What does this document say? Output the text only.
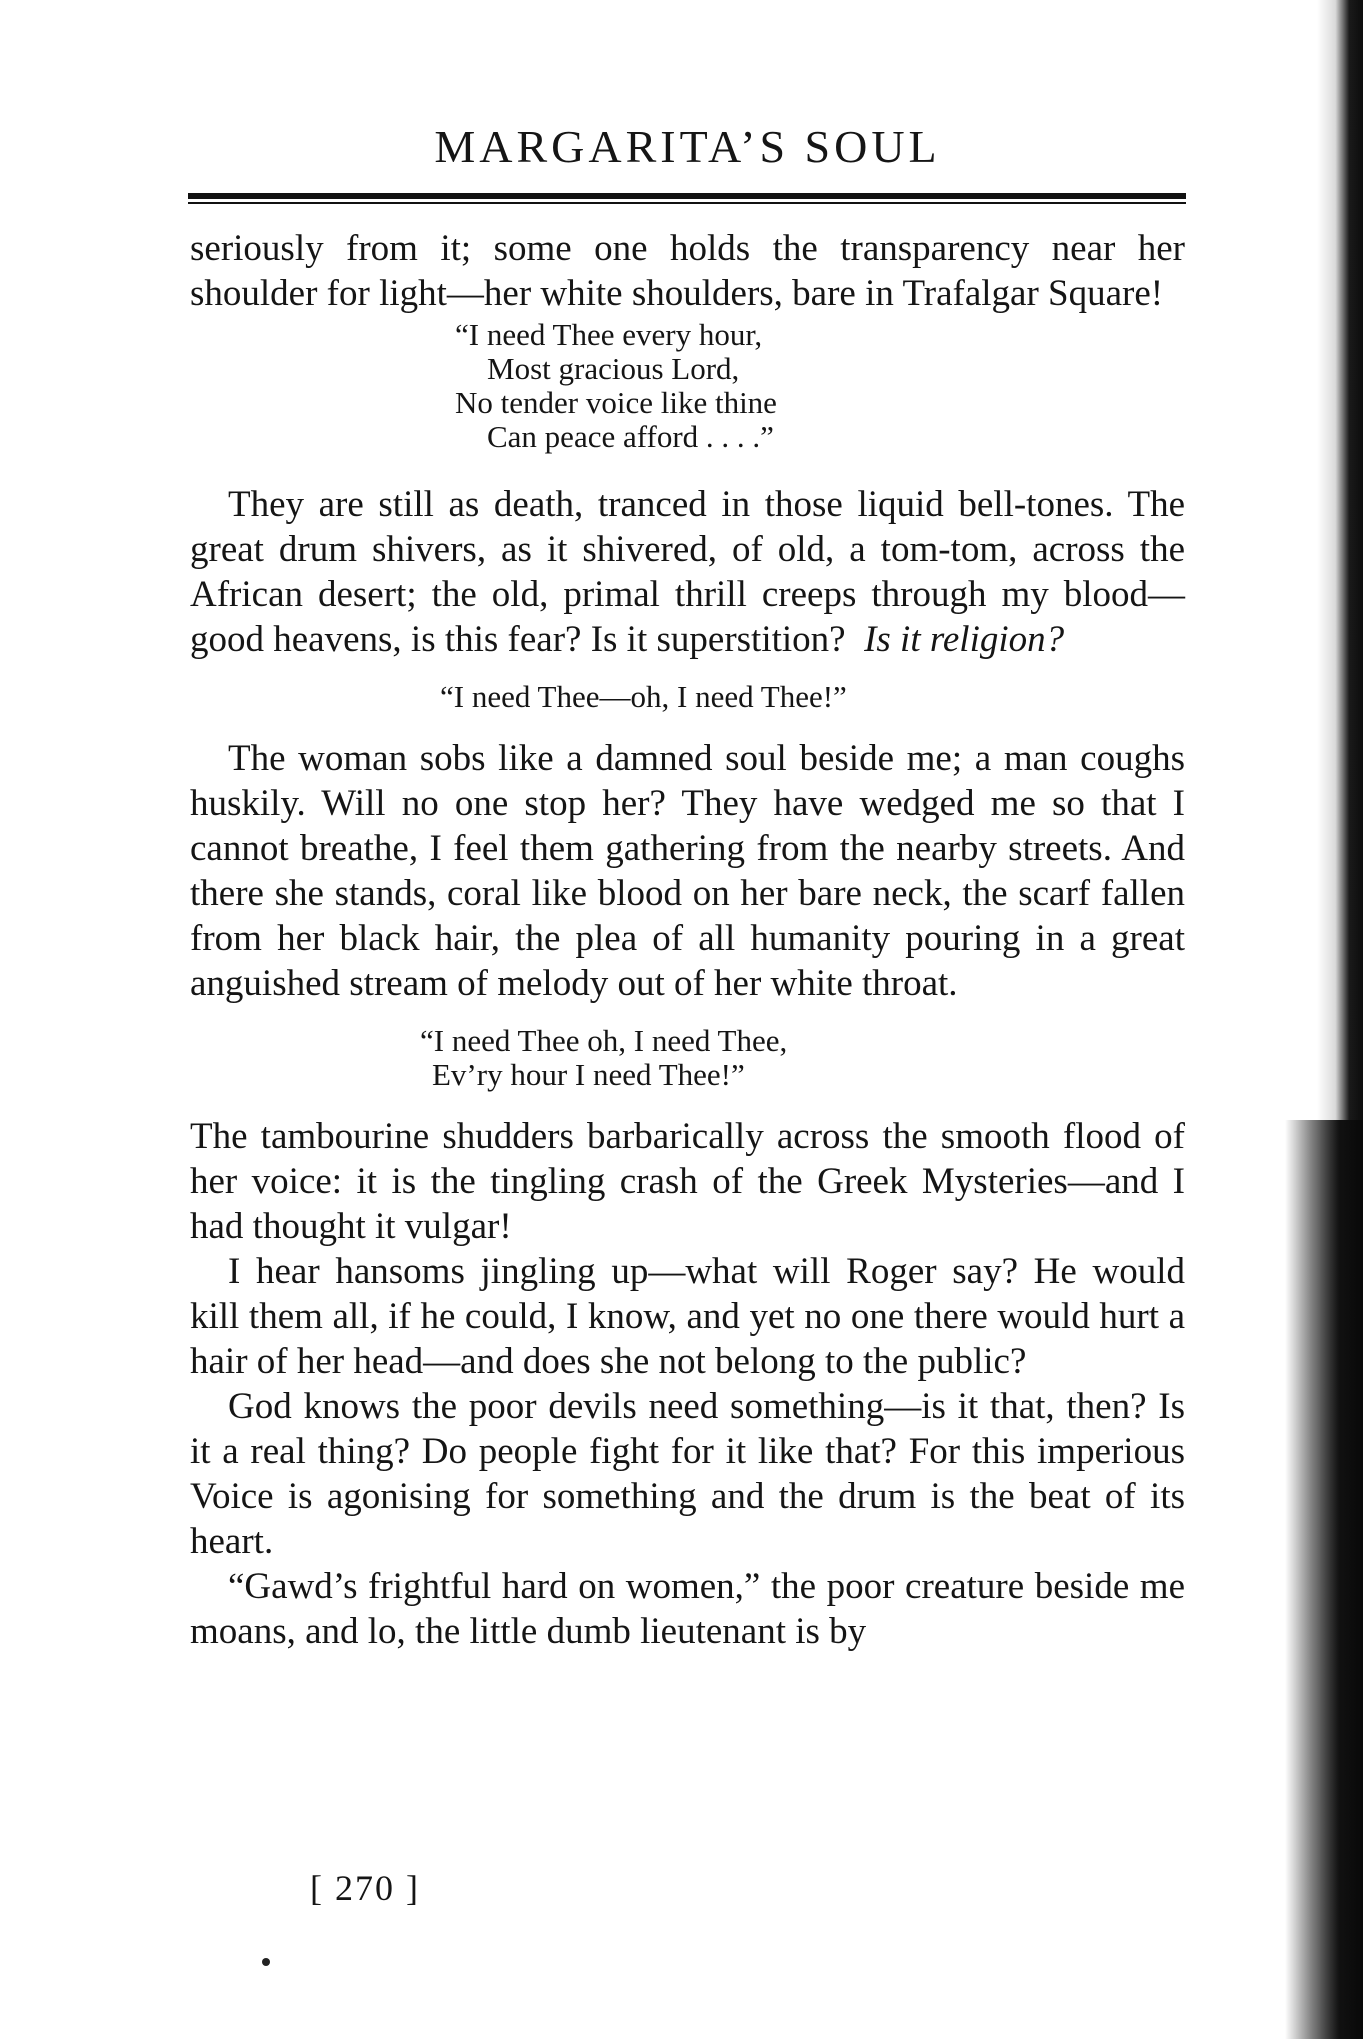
MARGARITA’S SOUL

seriously from it; some one holds the transparency near her shoulder for light—her white shoulders, bare in Trafalgar Square!

“I need Thee every hour,
Most gracious Lord,
No tender voice like thine
Can peace afford . . . .”

They are still as death, tranced in those liquid bell-tones. The great drum shivers, as it shivered, of old, a tom-tom, across the African desert; the old, primal thrill creeps through my blood—good heavens, is this fear? Is it superstition? Is it religion?

“I need Thee—oh, I need Thee!”

The woman sobs like a damned soul beside me; a man coughs huskily. Will no one stop her? They have wedged me so that I cannot breathe, I feel them gathering from the nearby streets. And there she stands, coral like blood on her bare neck, the scarf fallen from her black hair, the plea of all humanity pouring in a great anguished stream of melody out of her white throat.

“I need Thee oh, I need Thee,
Ev’ry hour I need Thee!”

The tambourine shudders barbarically across the smooth flood of her voice: it is the tingling crash of the Greek Mysteries—and I had thought it vulgar!

I hear hansoms jingling up—what will Roger say? He would kill them all, if he could, I know, and yet no one there would hurt a hair of her head—and does she not belong to the public?

God knows the poor devils need something—is it that, then? Is it a real thing? Do people fight for it like that? For this imperious Voice is agonising for something and the drum is the beat of its heart.

“Gawd’s frightful hard on women,” the poor creature beside me moans, and lo, the little dumb lieutenant is by

[ 270 ]
